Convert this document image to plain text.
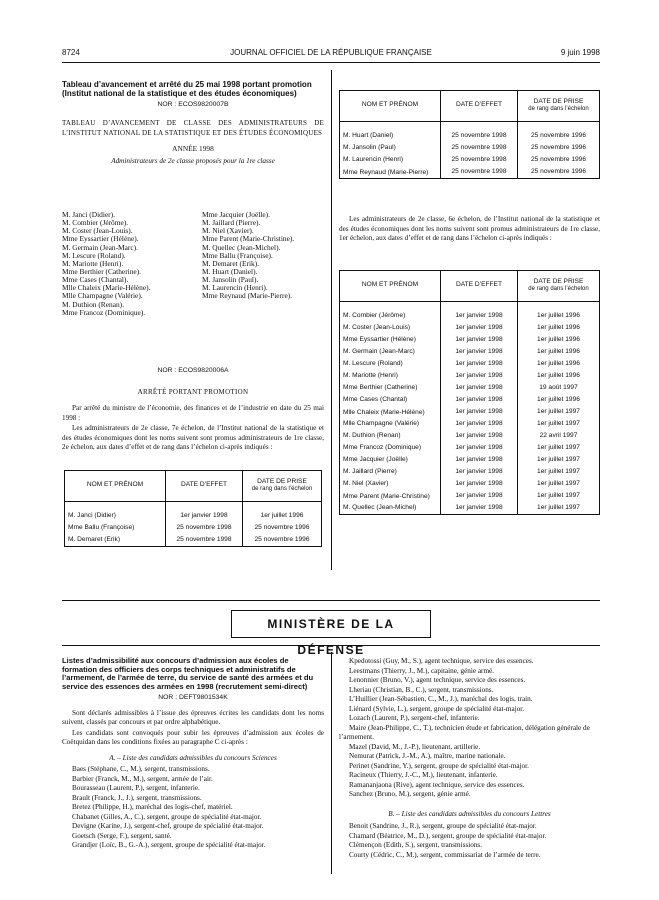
8724	JOURNAL OFFICIEL DE LA RÉPUBLIQUE FRANÇAISE	9 juin 1998

Tableau d’avancement et arrêté du 25 mai 1998 portant promotion (Institut national de la statistique et des études économiques)

NOR : ECOS9820007B

TABLEAU D’AVANCEMENT DE CLASSE DES ADMINISTRATEURS DE L’INSTITUT NATIONAL DE LA STATISTIQUE ET DES ÉTUDES ÉCONOMIQUES

ANNÉE 1998

Administrateurs de 2e classe proposés pour la 1re classe

M. Janci (Didier).
M. Combier (Jérôme).
M. Coster (Jean-Louis).
Mme Eyssartier (Hélène).
M. Germain (Jean-Marc).
M. Lescure (Roland).
M. Mariotte (Henri).
Mme Berthier (Catherine).
Mme Cases (Chantal).
Mlle Chaleix (Marie-Hélène).
Mlle Champagne (Valérie).
M. Duthion (Renan).
Mme Francoz (Dominique).
Mme Jacquier (Joëlle).
M. Jaillard (Pierre).
M. Niel (Xavier).
Mme Parent (Marie-Christine).
M. Quellec (Jean-Michel).
Mme Ballu (Françoise).
M. Demaret (Erik).
M. Huart (Daniel).
M. Jansolin (Paul).
M. Laurencin (Henri).
Mme Reynaud (Marie-Pierre).

NOR : ECOS9820006A

ARRÊTÉ PORTANT PROMOTION

Par arrêté du ministre de l’économie, des finances et de l’industrie en date du 25 mai 1998 :

Les administrateurs de 2e classe, 7e échelon, de l’Institut national de la statistique et des études économiques dont les noms suivent sont promus administrateurs de 1re classe, 2e échelon, aux dates d’effet et de rang dans l’échelon ci-après indiqués :

NOM ET PRÉNOM	DATE D’EFFET	DATE DE PRISE
de rang dans l’échelon

M. Janci (Didier)	1er janvier 1998	1er juillet 1996
Mme Ballu (Françoise)	25 novembre 1998	25 novembre 1996
M. Demaret (Erik)	25 novembre 1998	25 novembre 1996
NOM ET PRÉNOM	DATE D’EFFET	DATE DE PRISE
de rang dans l’échelon

M. Huart (Daniel)	25 novembre 1998	25 novembre 1996
M. Jansolin (Paul)	25 novembre 1998	25 novembre 1996
M. Laurencin (Henri)	25 novembre 1998	25 novembre 1996
Mme Reynaud (Marie-Pierre)	25 novembre 1998	25 novembre 1996

Les administrateurs de 2e classe, 6e échelon, de l’Institut national de la statistique et des études économiques dont les noms suivent sont promus administrateurs de 1re classe, 1er échelon, aux dates d’effet et de rang dans l’échelon ci-après indiqués :

NOM ET PRÉNOM	DATE D’EFFET	DATE DE PRISE
de rang dans l’échelon

M. Combier (Jérôme)	1er janvier 1998	1er juillet 1996
M. Coster (Jean-Louis)	1er janvier 1998	1er juillet 1996
Mme Eyssartier (Hélène)	1er janvier 1998	1er juillet 1996
M. Germain (Jean-Marc)	1er janvier 1998	1er juillet 1996
M. Lescure (Roland)	1er janvier 1998	1er juillet 1996
M. Mariotte (Henri)	1er janvier 1998	1er juillet 1996
Mme Berthier (Catherine)	1er janvier 1998	19 août 1997
Mme Cases (Chantal)	1er janvier 1998	1er juillet 1996
Mlle Chaleix (Marie-Hélène)	1er janvier 1998	1er juillet 1997
Mlle Champagne (Valérie)	1er janvier 1998	1er juillet 1997
M. Duthion (Renan)	1er janvier 1998	22 avril 1997
Mme Francoz (Dominique)	1er janvier 1998	1er juillet 1997
Mme Jacquier (Joëlle)	1er janvier 1998	1er juillet 1997
M. Jaillard (Pierre)	1er janvier 1998	1er juillet 1997
M. Niel (Xavier)	1er janvier 1998	1er juillet 1997
Mme Parent (Marie-Christine)	1er janvier 1998	1er juillet 1997
M. Quellec (Jean-Michel)	1er janvier 1998	1er juillet 1997
MINISTÈRE DE LA DÉFENSE

Listes d’admissibilité aux concours d’admission aux écoles de formation des officiers des corps techniques et administratifs de l’armement, de l’armée de terre, du service de santé des armées et du service des essences des armées en 1998 (recrutement semi-direct)

NOR : DEFT9801534K

Sont déclarés admissibles à l’issue des épreuves écrites les candidats dont les noms suivent, classés par concours et par ordre alphabétique.

Les candidats sont convoqués pour subir les épreuves d’admission aux écoles de Coëtquidan dans les conditions fixées au paragraphe C ci-après :

A. – Liste des candidats admissibles du concours Sciences

Baes (Stéphane, C., M.), sergent, transmissions.

Barbier (Franck, M., M.), sergent, armée de l’air.

Bourasseau (Laurent, P.), sergent, infanterie.

Brault (Franck, J., J.), sergent, transmissions.

Bretez (Philippe, H.), maréchal des logis-chef, matériel.

Chabanet (Gilles, A., C.), sergent, groupe de spécialité état-major.

Devigne (Karine, J.), sergent-chef, groupe de spécialité état-major.

Goetsch (Serge, F.), sergent, santé.

Grandjer (Loïc, B., G.-A.), sergent, groupe de spécialité état-major.

Kpedotossi (Guy, M., S.), agent technique, service des essences.

Leestmans (Thierry, J., M.), capitaine, génie armé.

Lenonnier (Bruno, V.), agent technique, service des essences.

Lheriau (Christian, B., C.), sergent, transmissions.

L’Huillier (Jean-Sébastien, C., M., J.), maréchal des logis, train.

Liénard (Sylvie, L.), sergent, groupe de spécialité état-major.

Lozach (Laurent, P.), sergent-chef, infanterie.

Maire (Jean-Philippe, C., T.), technicien étude et fabrication, délégation générale de l’armement.

Mazel (David, M., J.-P.), lieutenant, artillerie.

Nemurat (Patrick, J.-M., A.), maître, marine nationale.

Perinet (Sandrine, Y.), sergent, groupe de spécialité état-major.

Racineux (Thierry, J.-C., M.), lieutenant, infanterie.

Ramananjaona (Rive), agent technique, service des essences.

Sanchez (Bruno, M.), sergent, génie armé.

B. – Liste des candidats admissibles du concours Lettres

Benoit (Sandrine, J., R.), sergent, groupe de spécialité état-major.

Chamard (Béatrice, M., D.), sergent, groupe de spécialité état-major.

Clémençon (Edith, S.), sergent, transmissions.

Courty (Cédric, C., M.), sergent, commissariat de l’armée de terre.
